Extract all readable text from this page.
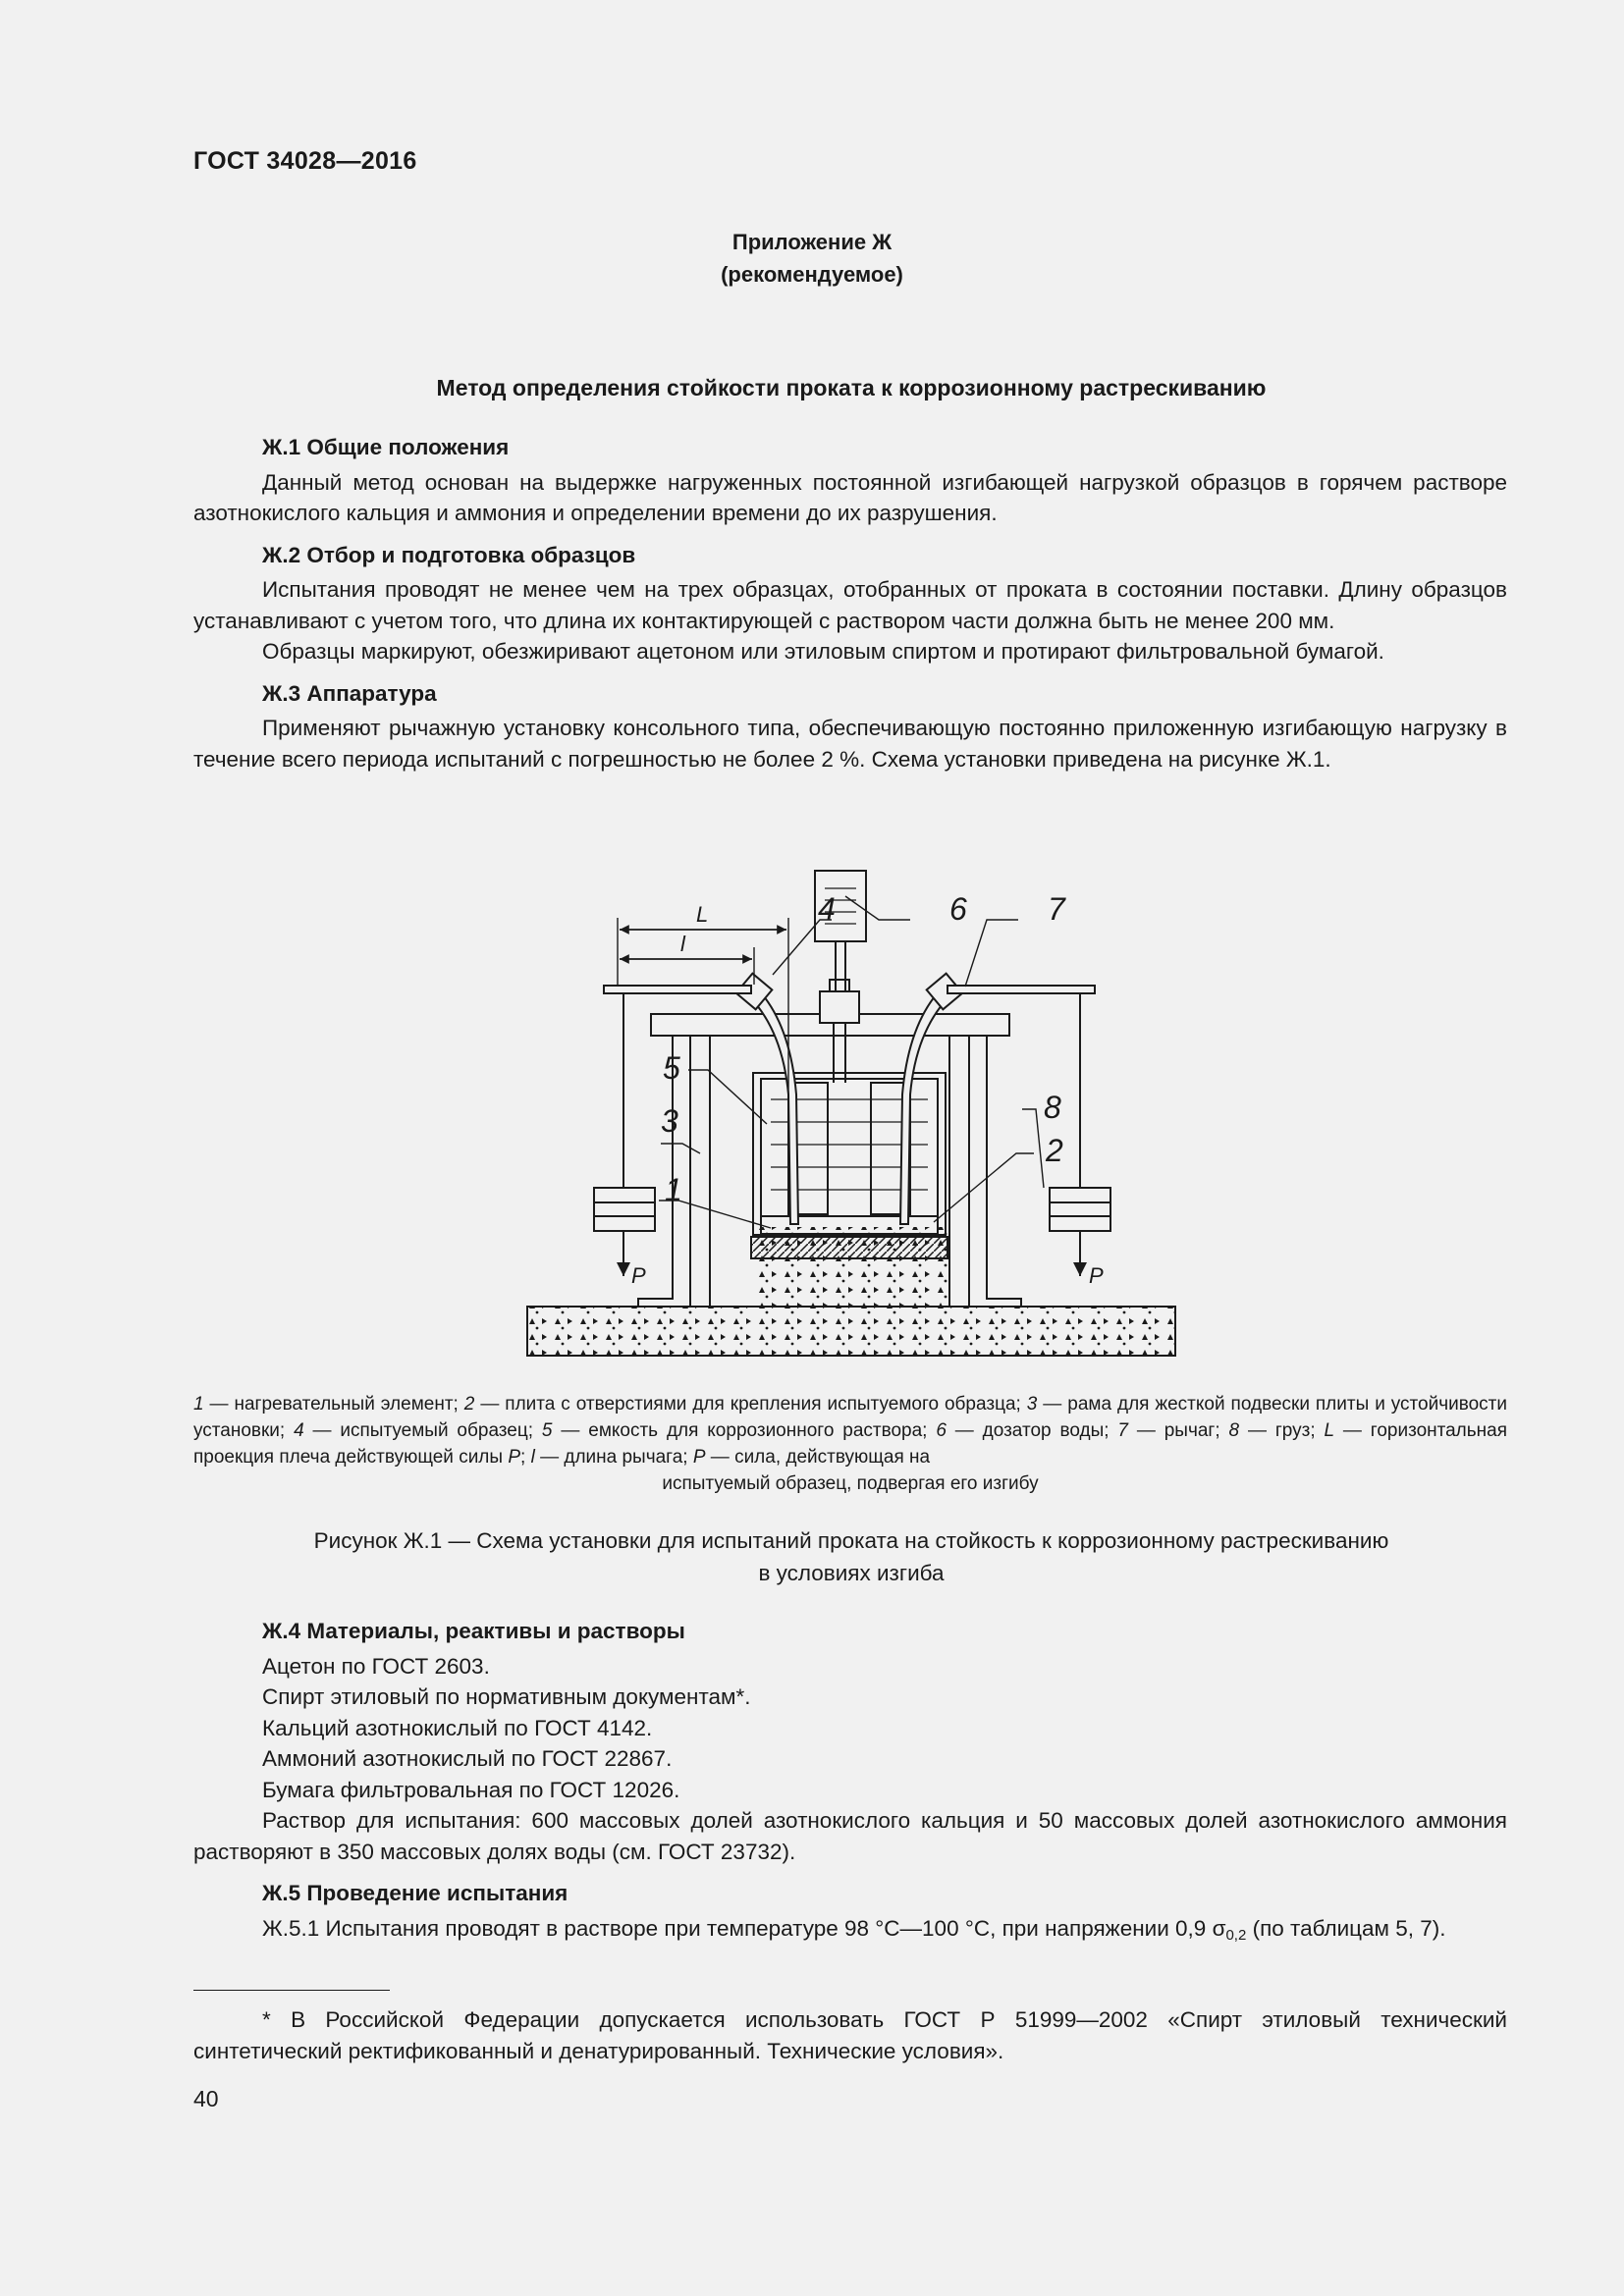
ГОСТ 34028—2016
Приложение Ж
(рекомендуемое)
Метод определения стойкости проката к коррозионному растрескиванию
Ж.1 Общие положения

Данный метод основан на выдержке нагруженных постоянной изгибающей нагрузкой образцов в горячем растворе азотнокислого кальция и аммония и определении времени до их разрушения.

Ж.2 Отбор и подготовка образцов

Испытания проводят не менее чем на трех образцах, отобранных от проката в состоянии поставки. Длину образцов устанавливают с учетом того, что длина их контактирующей с раствором части должна быть не менее 200 мм.

Образцы маркируют, обезжиривают ацетоном или этиловым спиртом и протирают фильтровальной бумагой.

Ж.3 Аппаратура

Применяют рычажную установку консольного типа, обеспечивающую постоянно приложенную изгибающую нагрузку в течение всего периода испытаний с погрешностью не более 2 %. Схема установки приведена на рисунке Ж.1.

L
l
4	6	7
5
3	8
2
1
P	P
1 — нагревательный элемент; 2 — плита с отверстиями для крепления испытуемого образца; 3 — рама для жесткой подвески плиты и устойчивости установки; 4 — испытуемый образец; 5 — емкость для коррозионного раствора; 6 — дозатор воды; 7 — рычаг; 8 — груз; L — горизонтальная проекция плеча действующей силы P; l — длина рычага; P — сила, действующая на
испытуемый образец, подвергая его изгибу
Рисунок Ж.1 — Схема установки для испытаний проката на стойкость к коррозионному растрескиванию
в условиях изгиба
Ж.4 Материалы, реактивы и растворы
Ацетон по ГОСТ 2603.
Спирт этиловый по нормативным документам*.
Кальций азотнокислый по ГОСТ 4142.
Аммоний азотнокислый по ГОСТ 22867.
Бумага фильтровальная по ГОСТ 12026.

Раствор для испытания: 600 массовых долей азотнокислого кальция и 50 массовых долей азотнокислого аммония растворяют в 350 массовых долях воды (см. ГОСТ 23732).

Ж.5 Проведение испытания

Ж.5.1 Испытания проводят в растворе при температуре 98 °С—100 °С, при напряжении 0,9 $\sigma_{0,2}$ (по таблицам 5, 7).

* В Российской Федерации допускается использовать ГОСТ Р 51999—2002 «Спирт этиловый технический синтетический ректификованный и денатурированный. Технические условия».
40
